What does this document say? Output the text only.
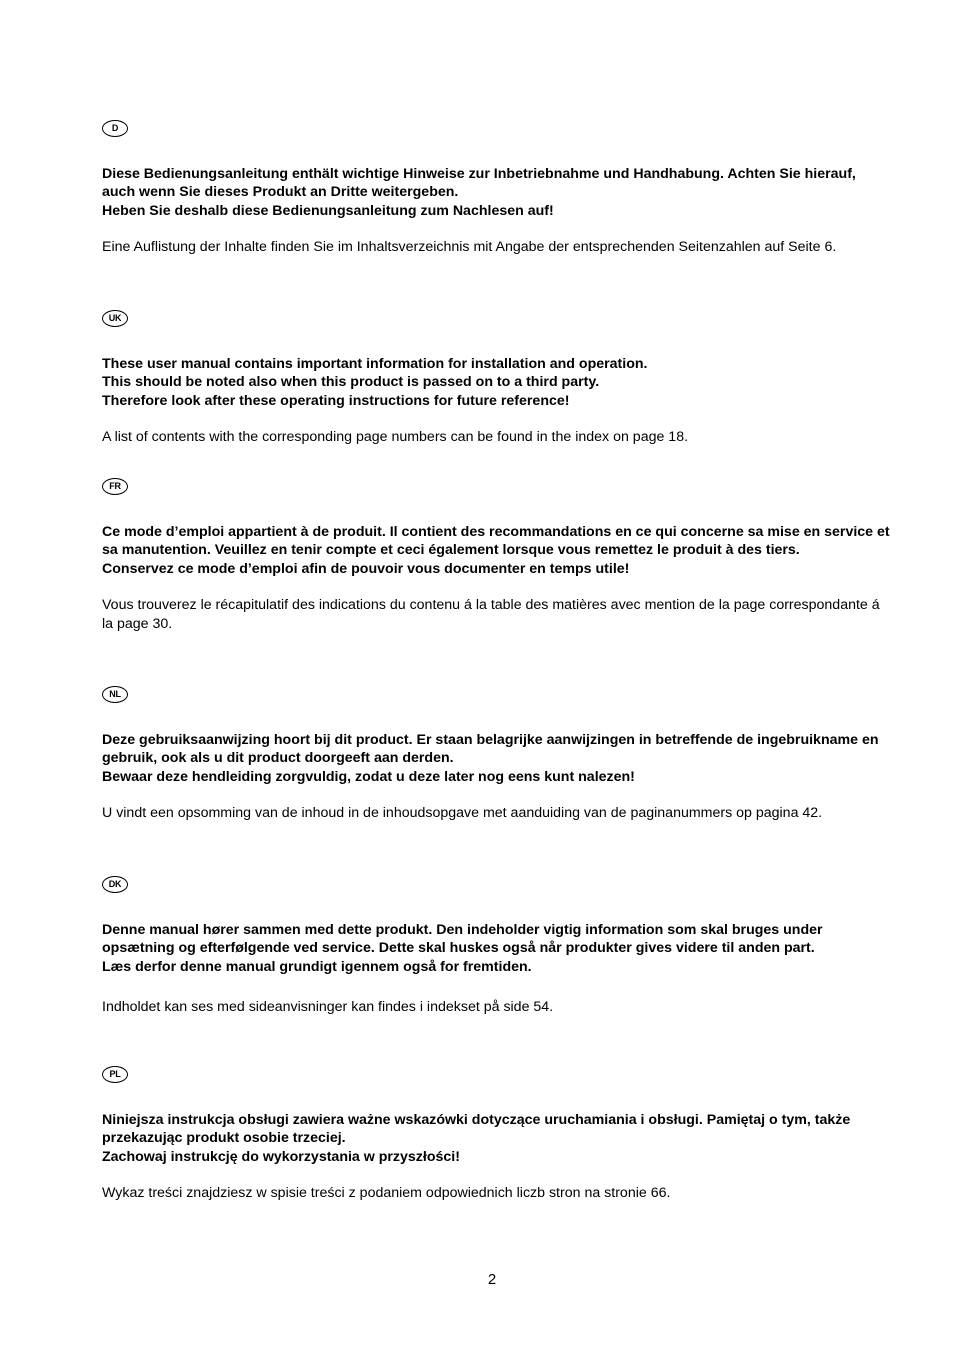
D

Diese Bedienungsanleitung enthält wichtige Hinweise zur Inbetriebnahme und Handhabung. Achten Sie hierauf, auch wenn Sie dieses Produkt an Dritte weitergeben.

Heben Sie deshalb diese Bedienungsanleitung zum Nachlesen auf!

Eine Auflistung der Inhalte finden Sie im Inhaltsverzeichnis mit Angabe der entsprechenden Seitenzahlen auf Seite 6.

UK

These user manual contains important information for installation and operation.

This should be noted also when this product is passed on to a third party.

Therefore look after these operating instructions for future reference!

A list of contents with the corresponding page numbers can be found in the index on page 18.

FR

Ce mode d’emploi appartient à de produit. Il contient des recommandations en ce qui concerne sa mise en service et sa manutention. Veuillez en tenir compte et ceci également lorsque vous remettez le produit à des tiers.

Conservez ce mode d’emploi afin de pouvoir vous documenter en temps utile!

Vous trouverez le récapitulatif des indications du contenu á la table des matières avec mention de la page correspondante á la page 30.

NL

Deze gebruiksaanwijzing hoort bij dit product. Er staan belagrijke aanwijzingen in betreffende de ingebruikname en gebruik, ook als u dit product doorgeeft aan derden.

Bewaar deze hendleiding zorgvuldig, zodat u deze later nog eens kunt nalezen!

U vindt een opsomming van de inhoud in de inhoudsopgave met aanduiding van de paginanummers op pagina 42.

DK

Denne manual hører sammen med dette produkt. Den indeholder vigtig information som skal bruges under opsætning og efterfølgende ved service. Dette skal huskes også når produkter gives videre til anden part.

Læs derfor denne manual grundigt igennem også for fremtiden.

Indholdet kan ses med sideanvisninger kan findes i indekset på side 54.

PL

Niniejsza instrukcja obsługi zawiera ważne wskazówki dotyczące uruchamiania i obsługi. Pamiętaj o tym, także przekazując produkt osobie trzeciej.

Zachowaj instrukcję do wykorzystania w przyszłości!

Wykaz treści znajdziesz w spisie treści z podaniem odpowiednich liczb stron na stronie 66.

2
